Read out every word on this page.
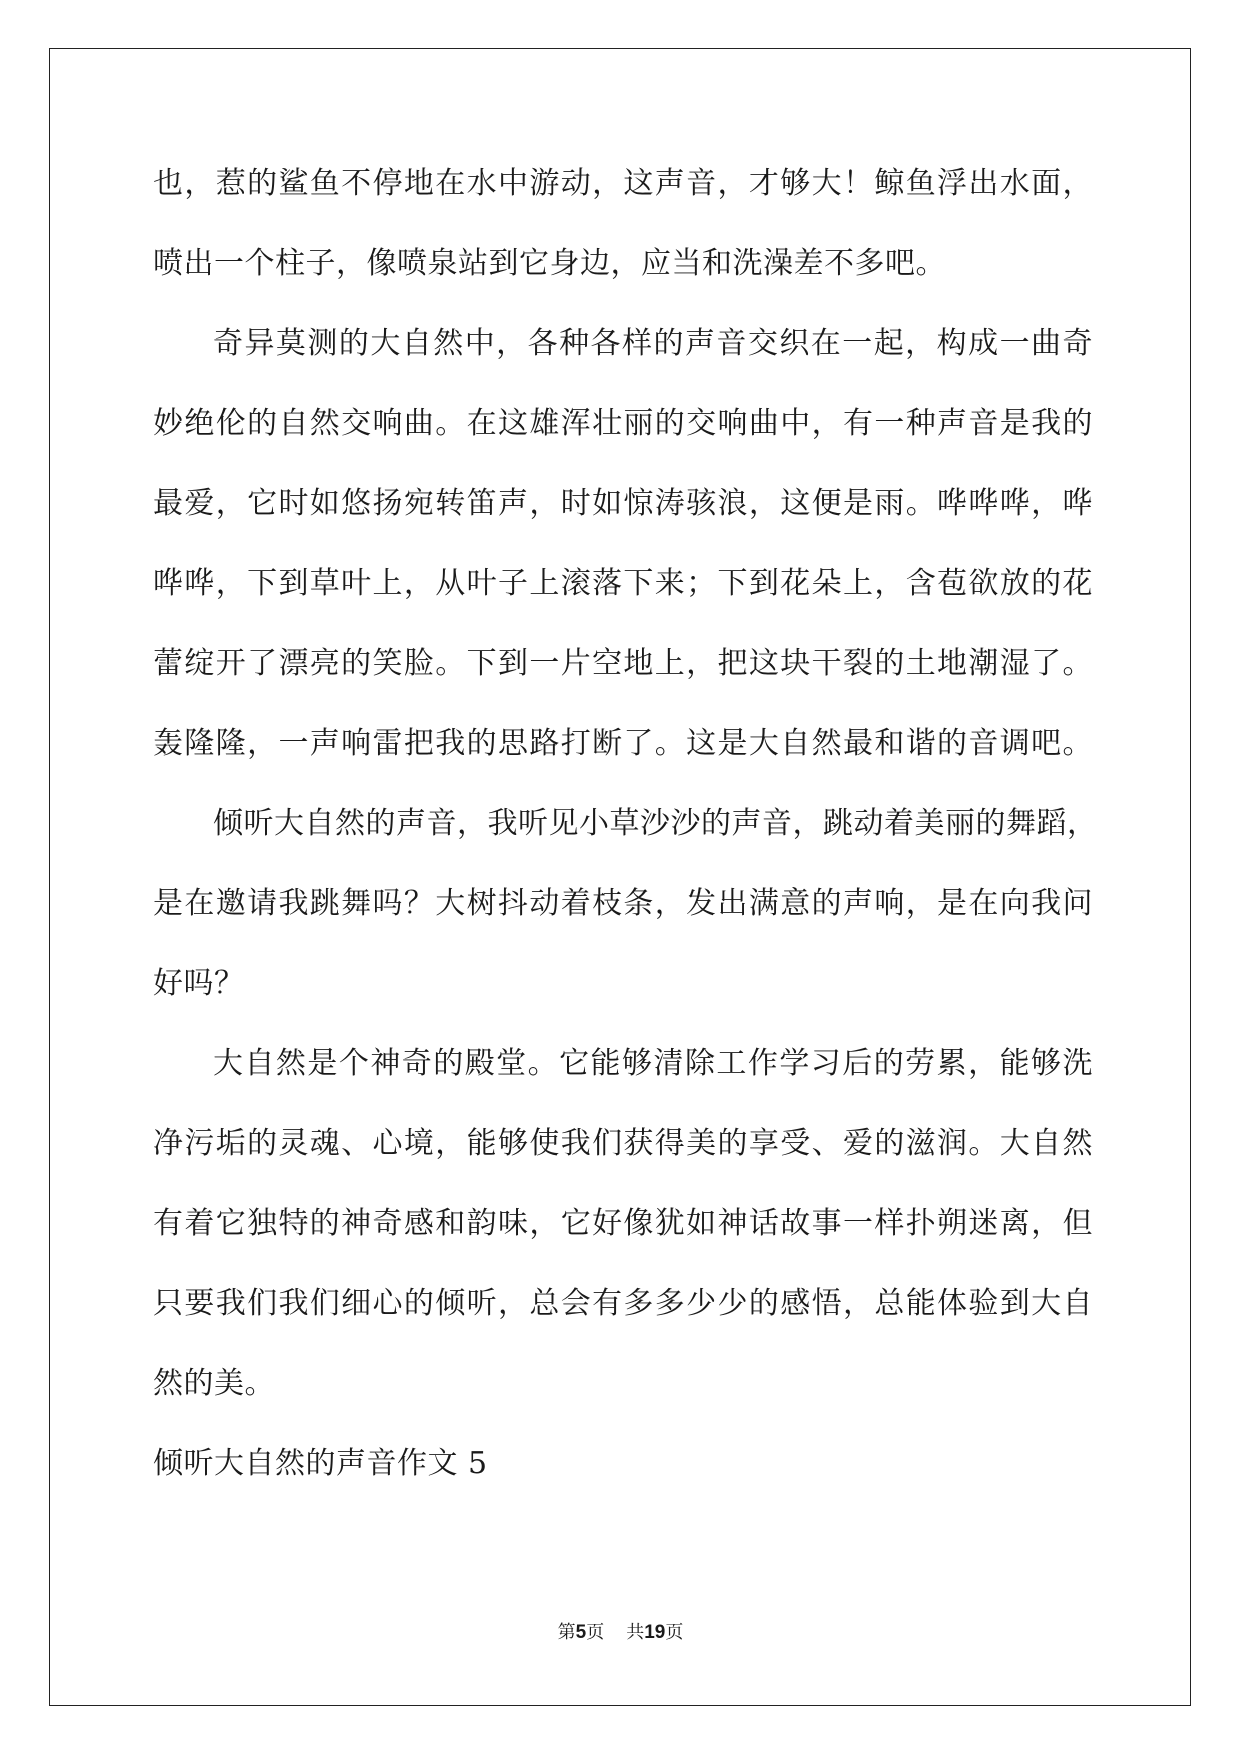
也，惹的鲨鱼不停地在水中游动，这声音，才够大！鲸鱼浮出水面，
喷出一个柱子，像喷泉站到它身边，应当和洗澡差不多吧。
奇异莫测的大自然中，各种各样的声音交织在一起，构成一曲奇
妙绝伦的自然交响曲。在这雄浑壮丽的交响曲中，有一种声音是我的
最爱，它时如悠扬宛转笛声，时如惊涛骇浪，这便是雨。哗哗哗，哗
哗哗，下到草叶上，从叶子上滚落下来；下到花朵上，含苞欲放的花
蕾绽开了漂亮的笑脸。下到一片空地上，把这块干裂的土地潮湿了。
轰隆隆，一声响雷把我的思路打断了。这是大自然最和谐的音调吧。
倾听大自然的声音，我听见小草沙沙的声音，跳动着美丽的舞蹈，
是在邀请我跳舞吗？大树抖动着枝条，发出满意的声响，是在向我问
好吗？
大自然是个神奇的殿堂。它能够清除工作学习后的劳累，能够洗
净污垢的灵魂、心境，能够使我们获得美的享受、爱的滋润。大自然
有着它独特的神奇感和韵味，它好像犹如神话故事一样扑朔迷离，但
只要我们我们细心的倾听，总会有多多少少的感悟，总能体验到大自
然的美。
倾听大自然的声音作文 5
第5页 共19页
